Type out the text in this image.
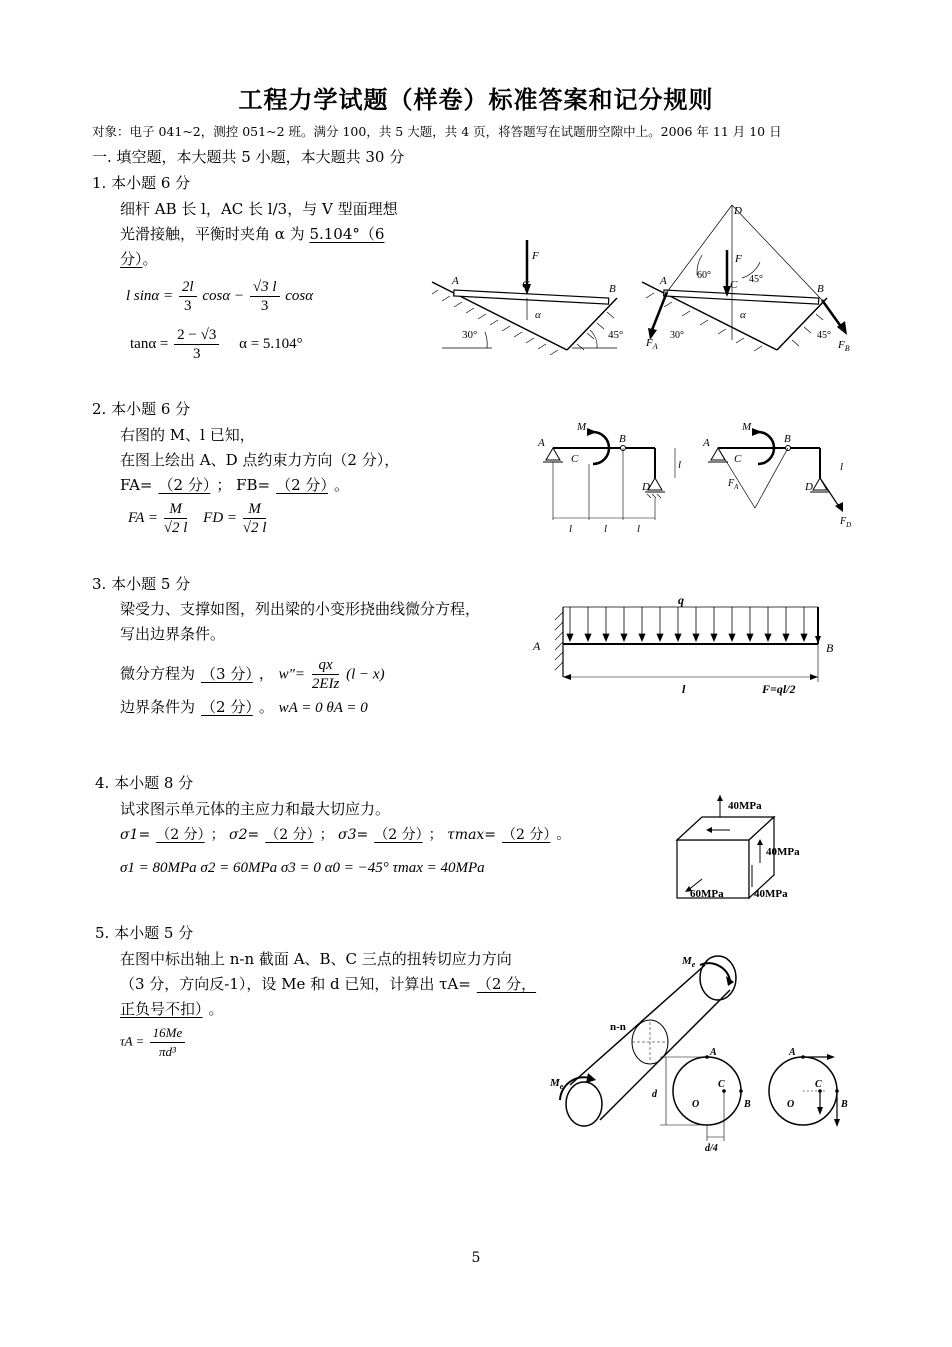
工程力学试题（样卷）标准答案和记分规则
对象：电子 041~2，测控 051~2 班。满分 100，共 5 大题，共 4 页，将答题写在试题册空隙中上。2006 年 11 月 10 日
一. 填空题，本大题共 5 小题，本大题共 30 分
1. 本小题 6 分
细杆 AB 长 l，AC 长 l/3，与 V 型面理想
光滑接触，平衡时夹角 α 为 5.104°（6
分）。
l $\sin\alpha = \frac{2l}{3}$ $\cos\alpha - \frac{√3 l}{3}$ cosα
$\tan\alpha = \frac{2 - √3}{3}$ α = 5.104°
F
A	C	B
α
30°	45°
D
F
60°	45°
A	C	B
α
30°	45°
$F_A$	$F_B$
2. 本小题 6 分
右图的 M、l 已知，
在图上绘出 A、D 点约束力方向（2 分），
FA= （2 分） ； FB= （2 分） 。
FA = $\frac{M}{√2 l}$ FD = $\frac{M}{√2 l}$
M
A	B
C
D
l
l	l	l
M
A	B
C
D
l
$F_A$
$F_D$
3. 本小题 5 分
梁受力、支撑如图，列出梁的小变形挠曲线微分方程，
写出边界条件。
微分方程为 （3 分） ， w"= $\frac{qx}{\text{2EIz}} (l - x)$
边界条件为 （2 分） 。 wA = 0 θA = 0
q
A	B
l	F=ql/2
4. 本小题 8 分
试求图示单元体的主应力和最大切应力。
σ1= （2 分） ； σ2= （2 分） ； σ3= （2 分） ； τmax= （2 分） 。
σ1 = 80MPa σ2 = 60MPa σ3 = 0 α0 = −45° τmax = 40MPa
40MPa
40MPa
60MPa	40MPa
5. 本小题 5 分
在图中标出轴上 n-n 截面 A、B、C 三点的扭转切应力方向
（3 分，方向反-1），设 Me 和 d 已知，计算出 τA= （2 分，
正负号不扣） 。
$\tau A = \frac{16Me}{\text{πd³}}$
$M_e$
$M_e$
n-n
A
C
O	B
d
d/4
A
C
O	B
5
